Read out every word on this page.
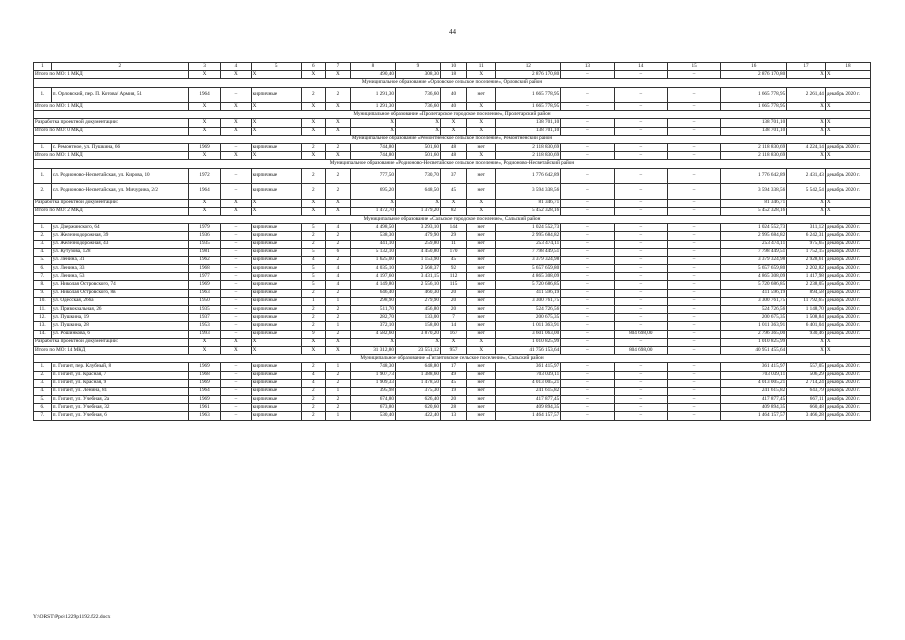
44
1	2	3	4	5	6	7	8	9	10	11	12	13	14	15	16	17	18
Итого по МО: 1 МКД		X	X	X	X	X	490,40	308,30	18	X	2 876 170,80	–	–	–	2 876 170,80	X	X
Муниципальное образование «Орловское сельское поселение», Орловский район																	
1.	п. Орловский, пер. П. Котова/ Армия, 51	1964	–	кирпичные	2	2	1 291,30	736,60	40	нет	1 665 778,95	–	–	–	1 665 778,95	2 261,44	декабрь 2020 г.
Итого по МО: 1 МКД		X	X	X	X	X	1 291,30	736,60	40	X	1 665 778,95	–	–	–	1 665 778,95	X	X
Муниципальное образование «Пролетарское городское поселение», Пролетарский район																	
Разработка проектной документации:		X	X	X	X	X	X	X	X	X	138 701,10	–	–	–	138 701,10	X	X
Итого по МО: 0 МКД		X	X	X	X	X	X	X	X	X	138 701,10	–	–	–	138 701,10	X	X
Муниципальное образование «Ремонтненское сельское поселение», Ремонтненский район																	
1.	с. Ремонтное, ул. Пушкина, 66	1969	–	кирпичные	2	2	744,80	501,60	48	нет	2 118 830,69	–	–	–	2 118 830,69	4 224,14	декабрь 2020 г.
Итого по МО: 1 МКД		X	X	X	X	X	744,80	501,60	48	X	2 118 830,69	–	–	–	2 118 830,69	X	X
Муниципальное образование «Родионово-Несветайское сельское поселение», Родионово-Несветайский район																	
1.	сл. Родионово-Несветайская, ул. Кирова, 10	1972	–	кирпичные	2	2	777,50	730,70	37	нет	1 776 642,89	–	–	–	1 776 642,89	2 431,43	декабрь 2020 г.
2.	сл. Родионово-Несветайская, ул. Мичурина, 2/2	1964	–	кирпичные	2	2	695,20	648,50	45	нет	3 594 338,56	–	–	–	3 594 338,56	5 542,54	декабрь 2020 г.
Разработка проектной документации:		X	X	X	X	X	X	X	X	X	81 346,71	–	–	–	81 346,71	X	X
Итого по МО: 2 МКД		X	X	X	X	X	1 472,70	1 379,20	82	X	5 452 328,16	–	–	–	5 452 328,16	X	X
Муниципальное образование «Сальское городское поселение», Сальский район																	
1.	ул. Дзержинского, 64	1979	–	кирпичные	5	4	4 498,50	3 293,10	144	нет	1 024 552,73	–	–	–	1 024 552,73	311,12	декабрь 2020 г.
2.	ул. Железнодорожная, 39	1936	–	кирпичные	2	2	538,30	479,90	29	нет	2 995 684,82	–	–	–	2 995 684,82	6 242,31	декабрь 2020 г.
3.	ул. Железнодорожная, 43	1935	–	кирпичные	2	2	441,10	259,80	11	нет	253 474,11	–	–	–	253 474,11	975,65	декабрь 2020 г.
4.	ул. Кутузова, 128	1981	–	кирпичные	5	6	5 132,10	4 450,80	170	нет	7 798 449,51	–	–	–	7 798 449,51	1 752,15	декабрь 2020 г.
5.	ул. Ленина, 31	1962	–	кирпичные	4	2	1 625,00	1 153,90	45	нет	3 379 324,98	–	–	–	3 379 324,98	2 928,61	декабрь 2020 г.
6.	ул. Ленина, 33	1968	–	кирпичные	5	4	4 035,10	2 568,37	92	нет	5 657 659,80	–	–	–	5 657 659,80	2 202,82	декабрь 2020 г.
7.	ул. Ленина, 53	1977	–	кирпичные	5	4	4 197,60	3 431,15	112	нет	4 865 308,09	–	–	–	4 865 308,09	1 417,98	декабрь 2020 г.
8.	ул. Николая Островского, 74	1969	–	кирпичные	5	4	4 149,80	2 556,10	115	нет	5 720 686,85	–	–	–	5 720 686,85	2 238,05	декабрь 2020 г.
9.	ул. Николая Островского, 8в	1963	–	кирпичные	2	2	646,40	460,30	20	нет	411 596,19	–	–	–	411 596,19	894,58	декабрь 2020 г.
10.	ул. Одесская, 266а	1950	–	кирпичные	1	1	298,90	279,90	20	нет	3 300 761,75	–	–	–	3 300 761,75	11 792,65	декабрь 2020 г.
11.	ул. Привокзальная, 26	1935	–	кирпичные	2	2	511,70	456,80	20	нет	524 726,56	–	–	–	524 726,56	1 148,70	декабрь 2020 г.
12.	ул. Пушкина, 19	1937	–	кирпичные	2	2	282,70	133,00	7	нет	200 675,35	–	–	–	200 675,35	1 508,84	декабрь 2020 г.
13.	ул. Пушкина, 28	1953	–	кирпичные	2	1	372,10	158,00	14	нет	1 011 363,91	–	–	–	1 011 363,91	6 401,04	декабрь 2020 г.
14.	ул. Рошинкова, 6	1993	–	кирпичные	9	2	4 582,60	3 870,20	167	нет	3 601 063,00	–	804 698,00	–	2 796 365,00	930,46	декабрь 2020 г.
Разработка проектной документации:		X	X	X	X	X	X	X	X	X	1 010 825,99	–	–	–	1 010 825,99	X	X
Итого по МО: 14 МКД		X	X	X	X	X	31 312,80	23 551,12	957	X	41 756 153,64	–	804 698,00	–	40 951 455,64	X	X
Муниципальное образование «Гигантовское сельское поселение», Сальский район																	
1.	п. Гигант, пер. Клубный, 8	1969	–	кирпичные	2	1	748,30	648,80	17	нет	361 415,97	–	–	–	361 415,97	557,05	декабрь 2020 г.
2.	п. Гигант, ул. Красная, 7	1968	–	кирпичные	4	2	1 907,73	1 388,60	49	нет	703 039,11	–	–	–	703 039,11	506,29	декабрь 2020 г.
3.	п. Гигант, ул. Красная, 9	1969	–	кирпичные	4	2	1 909,33	1 478,50	45	нет	4 013 005,21	–	–	–	4 013 005,21	2 714,24	декабрь 2020 г.
4.	п. Гигант, ул. Ленина, 81	1964	–	кирпичные	2	1	395,98	375,30	19	нет	241 615,82	–	–	–	241 615,82	643,79	декабрь 2020 г.
5.	п. Гигант, ул. Учебная, 2а	1969	–	кирпичные	2	2	674,80	626,40	20	нет	417 877,45	–	–	–	417 877,45	667,11	декабрь 2020 г.
6.	п. Гигант, ул. Учебная, 32	1961	–	кирпичные	2	2	673,80	620,60	28	нет	409 894,35	–	–	–	409 894,35	660,48	декабрь 2020 г.
7.	п. Гигант, ул. Учебная, 6	1963	–	кирпичные	2	1	530,40	422,40	13	нет	1 464 157,57	–	–	–	1 464 157,57	3 466,28	декабрь 2020 г.
Y:\ORST\Ppo\1229p1192.f22.docx
